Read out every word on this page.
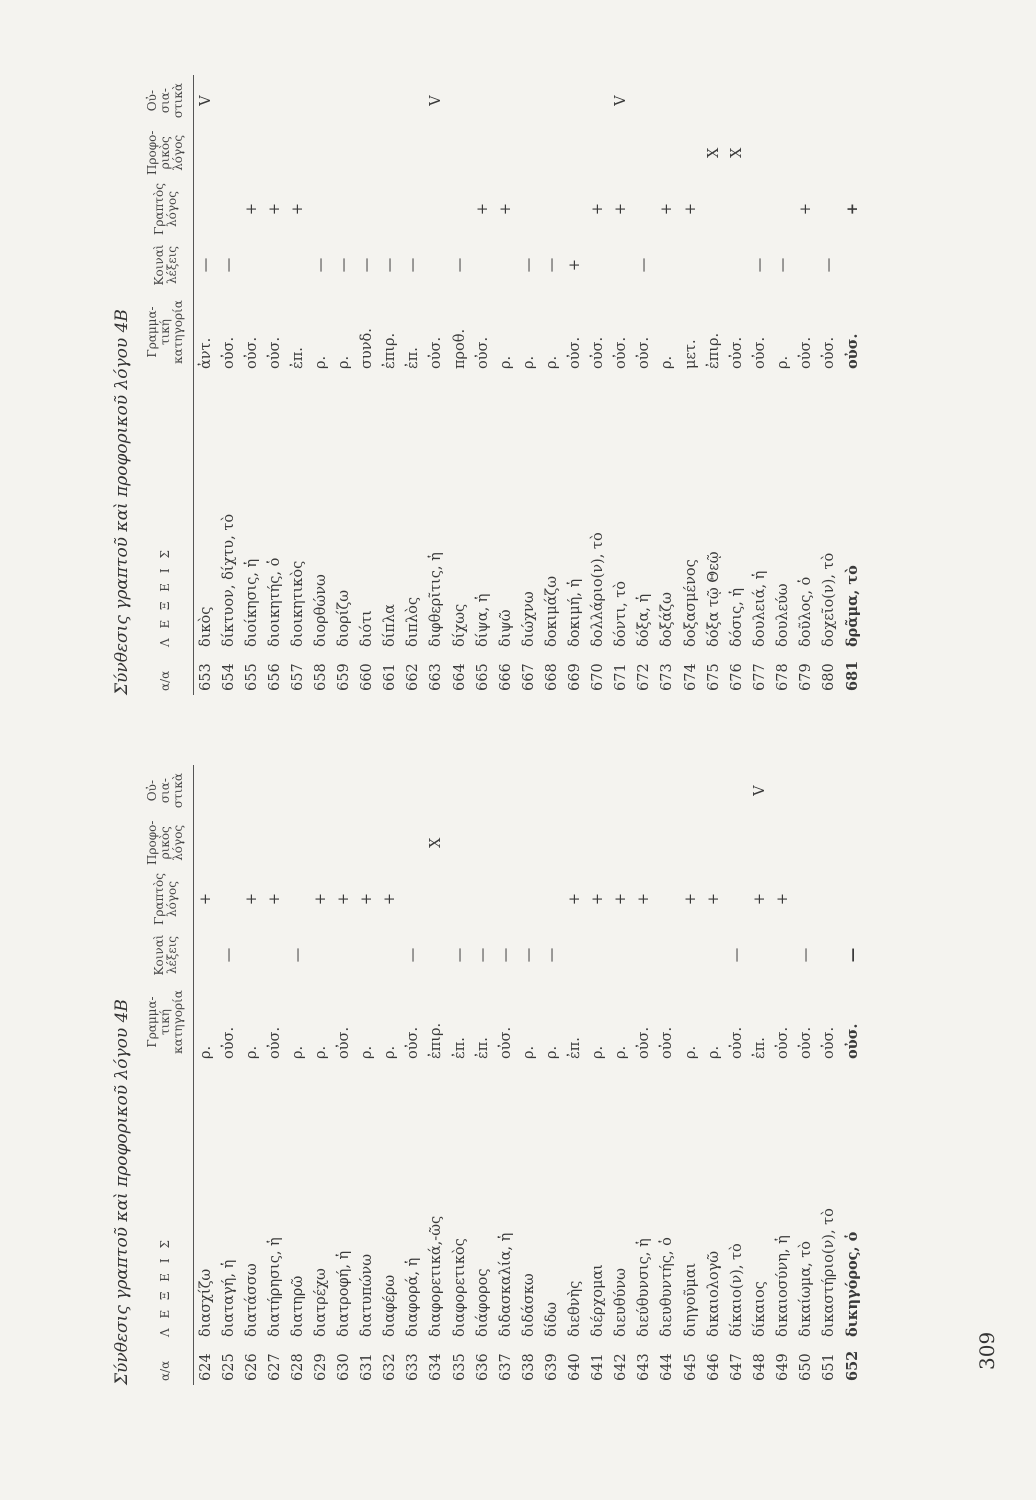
309
Σύνθεσις γραπτοῦ καὶ προφορικοῦ λόγου 4Β α/α	Λ Ε Ξ Ε Ι Σ	Γραμμα-τική κατηγορία	Κοιναὶ λέξεις	Γραπτὸς λόγος	Προφο-ρικὸς λόγος	Οὐ-σια-στικὰ
624	διασχίζω	ρ.		+		
625	διαταγή, ἡ	οὐσ.	—			
626	διατάσσω	ρ.		+		
627	διατήρησις, ἡ	οὐσ.		+		
628	διατηρῶ	ρ.	—			
629	διατρέχω	ρ.		+		
630	διατροφή, ἡ	οὐσ.		+		
631	διατυπώνω	ρ.		+		
632	διαφέρω	ρ.		+		
633	διαφορά, ἡ	οὐσ.	—			
634	διαφορετικά,-ῶς	ἐπιρ.			X	
635	διαφορετικὸς	ἐπ.	—			
636	διάφορος	ἐπ.	—			
637	διδασκαλία, ἡ	οὐσ.	—			
638	διδάσκω	ρ.	—			
639	δίδω	ρ.	—			
640	διεθνὴς	ἐπ.		+		
641	διέρχομαι	ρ.		+		
642	διευθύνω	ρ.		+		
643	διεύθυνσις, ἡ	οὐσ.		+		
644	διευθυντής, ὁ	οὐσ.				
645	διηγοῦμαι	ρ.		+		
646	δικαιολογῶ	ρ.		+		
647	δίκαιο(ν), τὸ	οὐσ.	—			
648	δίκαιος	ἐπ.		+		V
649	δικαιοσύνη, ἡ	οὐσ.		+		
650	δικαίωμα, τὸ	οὐσ.	—			
651	δικαστήριο(ν), τὸ	οὐσ.				
652	δικηγόρος, ὁ	οὐσ.	—			
Σύνθεσις γραπτοῦ καὶ προφορικοῦ λόγου 4Β α/α	Λ Ε Ξ Ε Ι Σ	Γραμμα-τική κατηγορία	Κοιναὶ λέξεις	Γραπτὸς λόγος	Προφο-ρικὸς λόγος	Οὐ-σια-στικὰ
653	δικὸς	ἀντ.	—			V
654	δίκτυον, δίχτυ, τὸ	οὐσ.	—			
655	διοίκησις, ἡ	οὐσ.		+		
656	διοικητής, ὁ	οὐσ.		+		
657	διοικητικὸς	ἐπ.		+		
658	διορθώνω	ρ.	—			
659	διορίζω	ρ.	—			
660	διότι	συνδ.	—			
661	δίπλα	ἐπιρ.	—			
662	διπλὸς	ἐπ.	—			
663	διφθερῖτις, ἡ	οὐσ.				V
664	δίχως	προθ.	—			
665	δίψα, ἡ	οὐσ.		+		
666	διψῶ	ρ.		+		
667	διώχνω	ρ.	—			
668	δοκιμάζω	ρ.	—			
669	δοκιμή, ἡ	οὐσ.	+			
670	δολλάριο(ν), τὸ	οὐσ.		+		
671	δόντι, τὸ	οὐσ.		+		V
672	δόξα, ἡ	οὐσ.	—			
673	δοξάζω	ρ.		+		
674	δοξασμένος	μετ.		+		
675	δόξα τῷ Θεῷ	ἐπιρ.			X	
676	δόσις, ἡ	οὐσ.			X	
677	δουλειά, ἡ	οὐσ.	—			
678	δουλεύω	ρ.	—			
679	δοῦλος, ὁ	οὐσ.		+		
680	δοχεῖο(ν), τὸ	οὐσ.	—			
681	δρᾶμα, τὸ	οὐσ.		+		
